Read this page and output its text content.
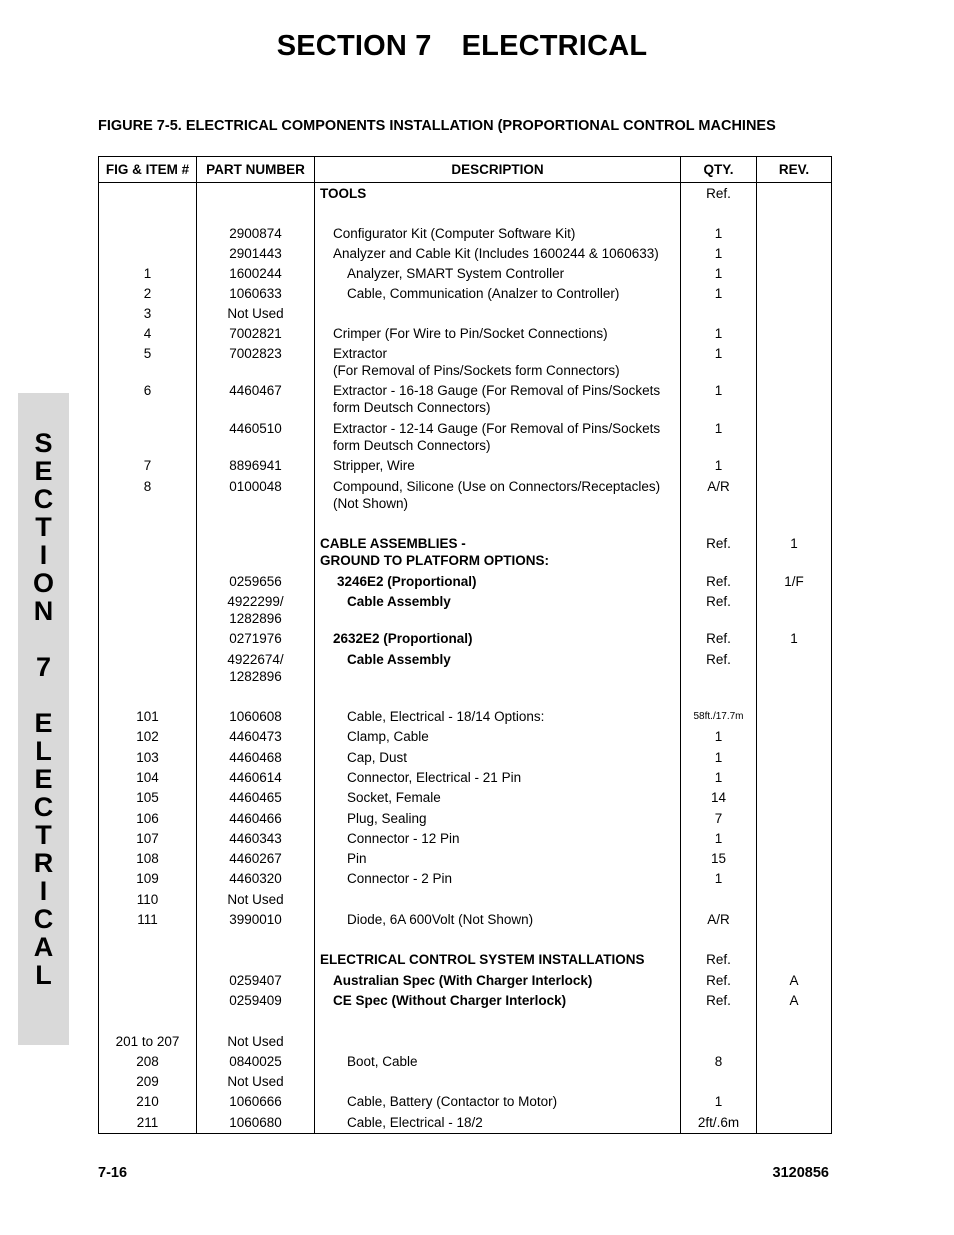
SECTION 7 ELECTRICAL
S
E
C
T
I
O
N
7
E
L
E
C
T
R
I
C
A
L
FIGURE 7-5. ELECTRICAL COMPONENTS INSTALLATION (PROPORTIONAL CONTROL MACHINES
FIG & ITEM #	PART NUMBER	DESCRIPTION	QTY.	REV.
		TOOLS	Ref.	

	2900874	Configurator Kit (Computer Software Kit)	1	
	2901443	Analyzer and Cable Kit (Includes 1600244 & 1060633)	1	
1	1600244	Analyzer, SMART System Controller	1	
2	1060633	Cable, Communication (Analzer to Controller)	1	
3	Not Used			
4	7002821	Crimper (For Wire to Pin/Socket Connections)	1	
5	7002823	Extractor
(For Removal of Pins/Sockets form Connectors)	1	
6	4460467	Extractor - 16-18 Gauge (For Removal of Pins/Sockets
form Deutsch Connectors)	1	
	4460510	Extractor - 12-14 Gauge (For Removal of Pins/Sockets
form Deutsch Connectors)	1	
7	8896941	Stripper, Wire	1	
8	0100048	Compound, Silicone (Use on Connectors/Receptacles)
(Not Shown)	A/R	

		CABLE ASSEMBLIES -
GROUND TO PLATFORM OPTIONS:	Ref.	1
	0259656	3246E2 (Proportional)	Ref.	1/F
	4922299/
1282896	Cable Assembly	Ref.	
	0271976	2632E2 (Proportional)	Ref.	1
	4922674/
1282896	Cable Assembly	Ref.	

101	1060608	Cable, Electrical - 18/14 Options:	58ft./17.7m	
102	4460473	Clamp, Cable	1	
103	4460468	Cap, Dust	1	
104	4460614	Connector, Electrical - 21 Pin	1	
105	4460465	Socket, Female	14	
106	4460466	Plug, Sealing	7	
107	4460343	Connector - 12 Pin	1	
108	4460267	Pin	15	
109	4460320	Connector - 2 Pin	1	
110	Not Used			
111	3990010	Diode, 6A 600Volt (Not Shown)	A/R	

		ELECTRICAL CONTROL SYSTEM INSTALLATIONS	Ref.	
	0259407	Australian Spec (With Charger Interlock)	Ref.	A
	0259409	CE Spec (Without Charger Interlock)	Ref.	A

201 to 207	Not Used			
208	0840025	Boot, Cable	8	
209	Not Used			
210	1060666	Cable, Battery (Contactor to Motor)	1	
211	1060680	Cable, Electrical - 18/2	2ft/.6m	
7-16	3120856
